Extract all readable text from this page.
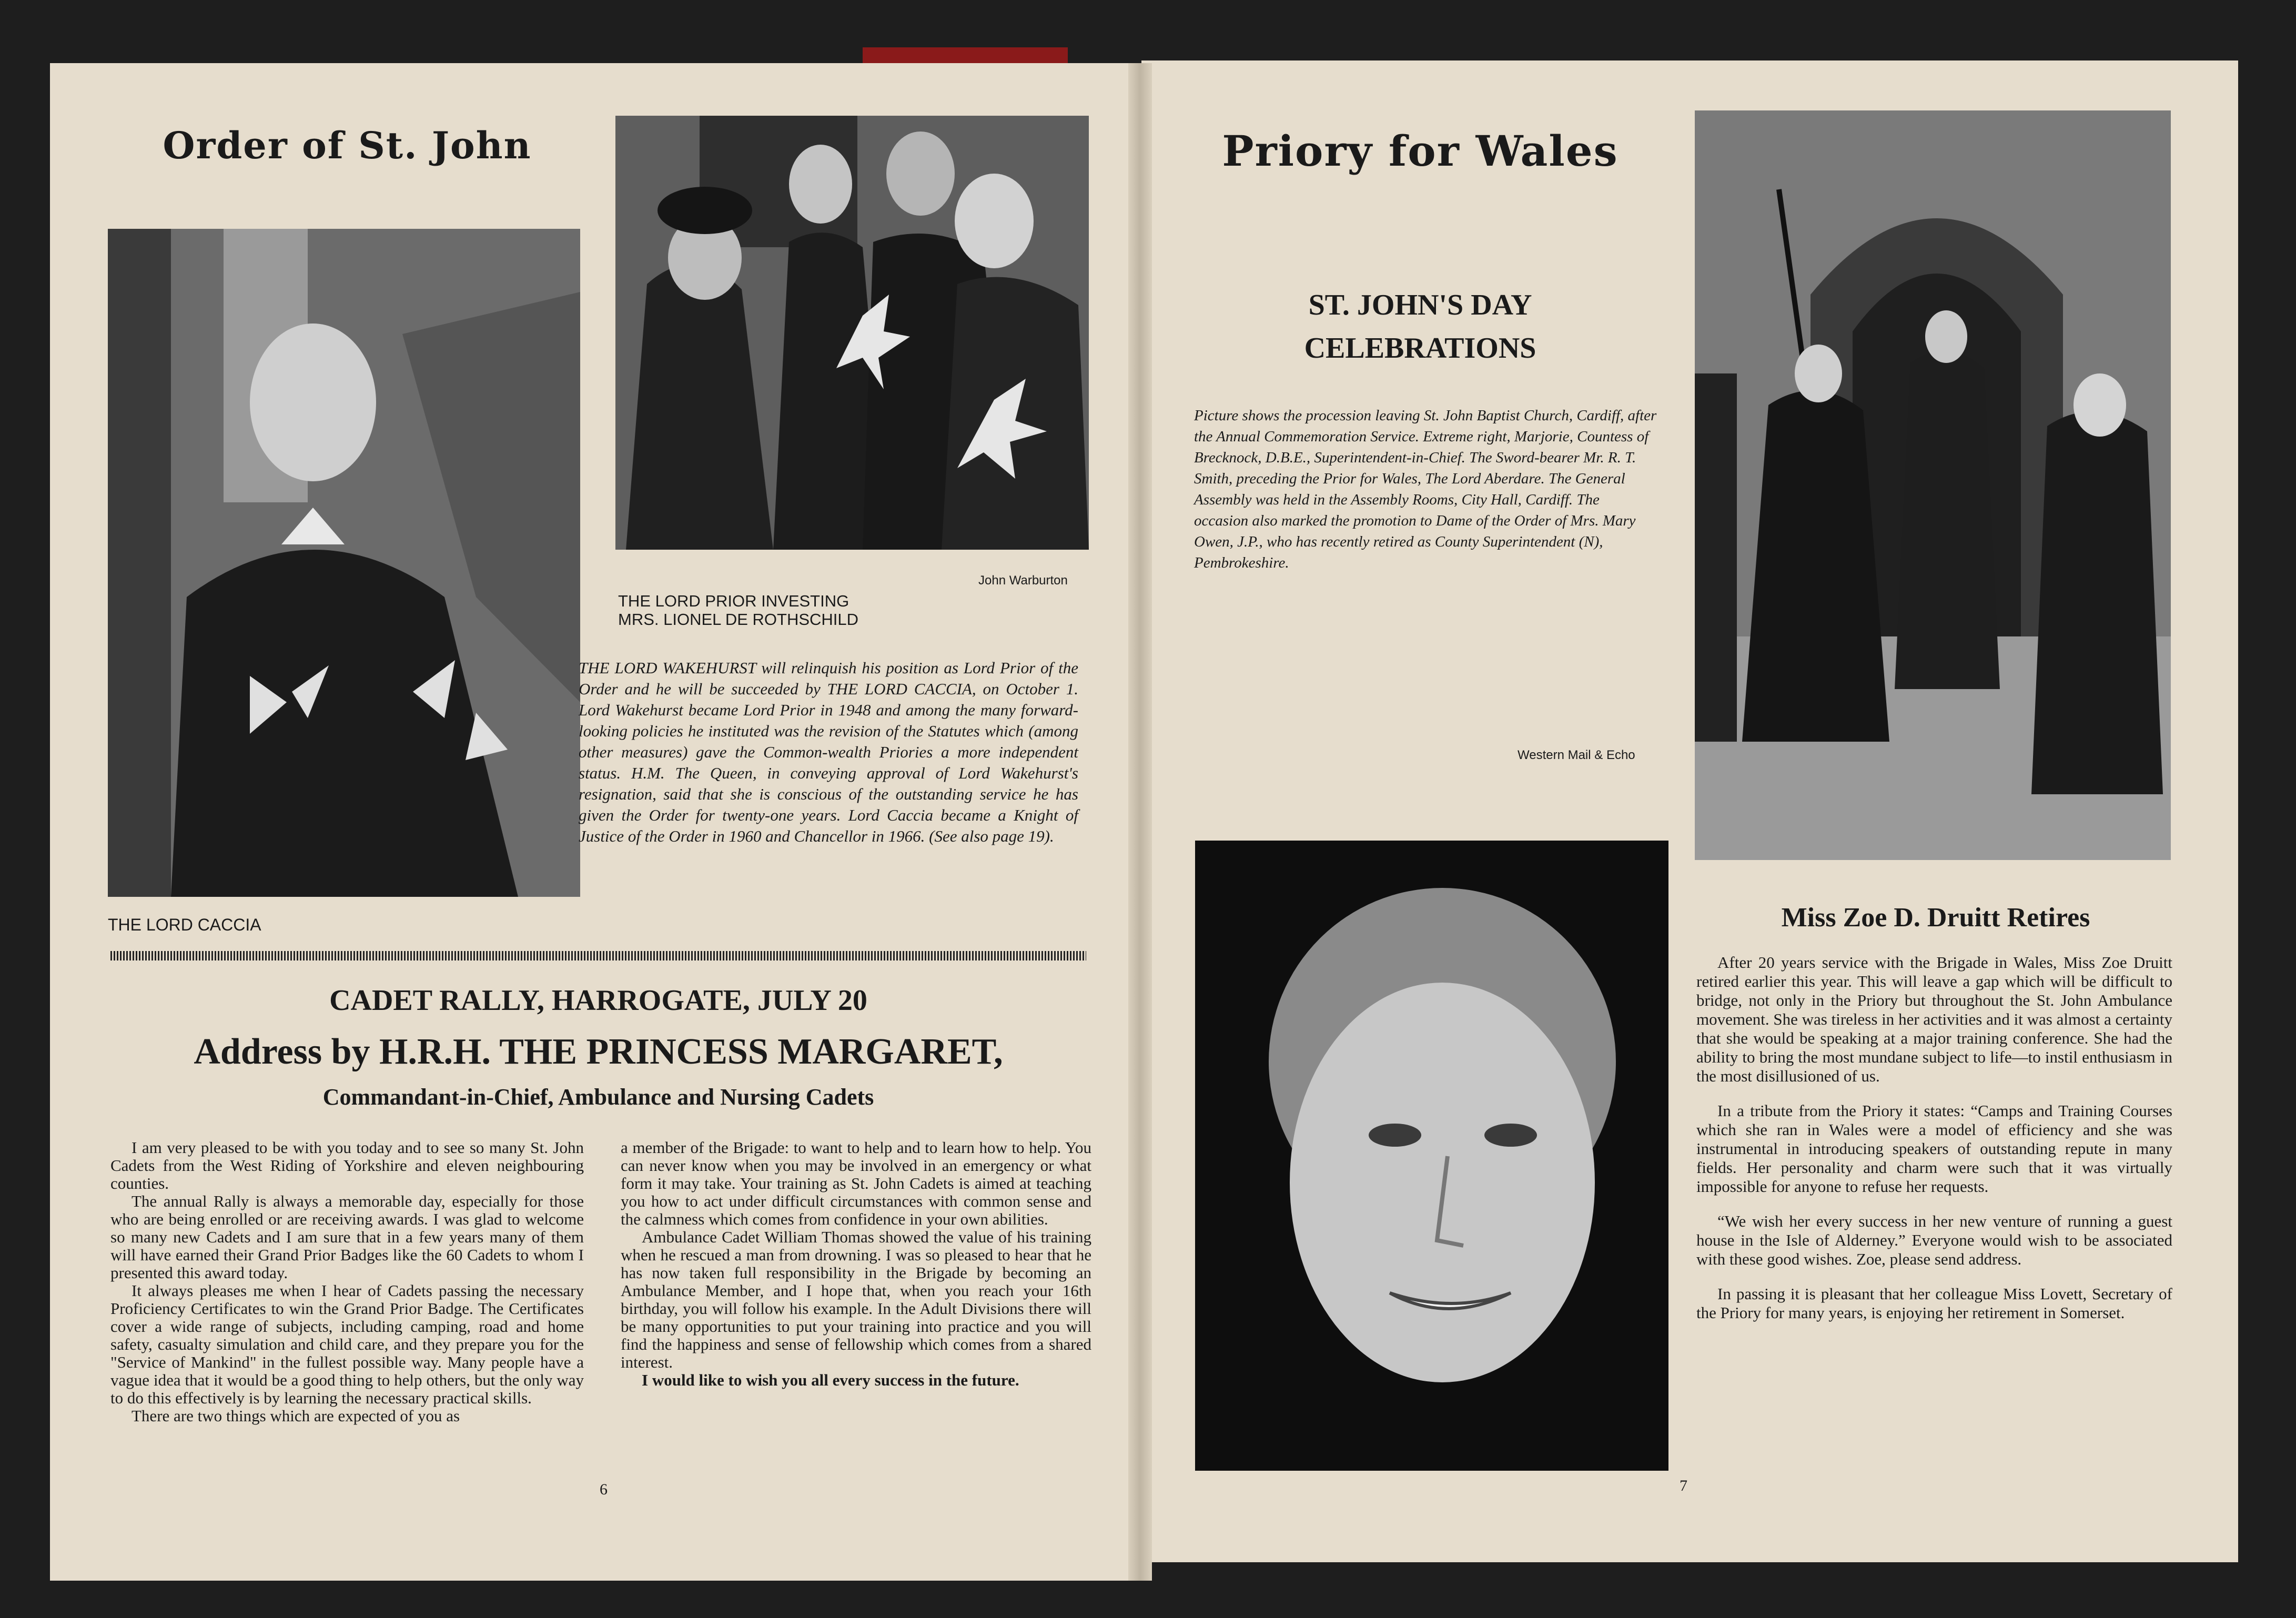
Order of St. John
THE LORD CACCIA
John Warburton
THE LORD PRIOR INVESTING
MRS. LIONEL DE ROTHSCHILD
THE LORD WAKEHURST will relinquish his position as Lord Prior of the Order and he will be succeeded by THE LORD CACCIA, on October 1. Lord Wakehurst became Lord Prior in 1948 and among the many forward-looking policies he instituted was the revision of the Statutes which (among other measures) gave the Common-wealth Priories a more independent status. H.M. The Queen, in conveying approval of Lord Wakehurst's resignation, said that she is conscious of the outstanding service he has given the Order for twenty-one years. Lord Caccia became a Knight of Justice of the Order in 1960 and Chancellor in 1966. (See also page 19).
CADET RALLY, HARROGATE, JULY 20
Address by H.R.H. THE PRINCESS MARGARET,
Commandant-in-Chief, Ambulance and Nursing Cadets

I am very pleased to be with you today and to see so many St. John Cadets from the West Riding of Yorkshire and eleven neighbouring counties.

The annual Rally is always a memorable day, especially for those who are being enrolled or are receiving awards. I was glad to welcome so many new Cadets and I am sure that in a few years many of them will have earned their Grand Prior Badges like the 60 Cadets to whom I presented this award today.

It always pleases me when I hear of Cadets passing the necessary Proficiency Certificates to win the Grand Prior Badge. The Certificates cover a wide range of subjects, including camping, road and home safety, casualty simulation and child care, and they prepare you for the "Service of Mankind" in the fullest possible way. Many people have a vague idea that it would be a good thing to help others, but the only way to do this effectively is by learning the necessary practical skills.

There are two things which are expected of you as

a member of the Brigade: to want to help and to learn how to help. You can never know when you may be involved in an emergency or what form it may take. Your training as St. John Cadets is aimed at teaching you how to act under difficult circumstances with common sense and the calmness which comes from confidence in your own abilities.

Ambulance Cadet William Thomas showed the value of his training when he rescued a man from drowning. I was so pleased to hear that he has now taken full responsibility in the Brigade by becoming an Ambulance Member, and I hope that, when you reach your 16th birthday, you will follow his example. In the Adult Divisions there will be many opportunities to put your training into practice and you will find the happiness and sense of fellowship which comes from a shared interest.

I would like to wish you all every success in the future.

6
Priory for Wales
ST. JOHN'S DAY
CELEBRATIONS
Picture shows the procession leaving St. John Baptist Church, Cardiff, after the Annual Commemoration Service. Extreme right, Marjorie, Countess of Brecknock, D.B.E., Superintendent-in-Chief. The Sword-bearer Mr. R. T. Smith, preceding the Prior for Wales, The Lord Aberdare. The General Assembly was held in the Assembly Rooms, City Hall, Cardiff. The occasion also marked the promotion to Dame of the Order of Mrs. Mary Owen, J.P., who has recently retired as County Superintendent (N), Pembrokeshire.
Western Mail & Echo
Miss Zoe D. Druitt Retires

After 20 years service with the Brigade in Wales, Miss Zoe Druitt retired earlier this year. This will leave a gap which will be difficult to bridge, not only in the Priory but throughout the St. John Ambulance movement. She was tireless in her activities and it was almost a certainty that she would be speaking at a major training conference. She had the ability to bring the most mundane subject to life—to instil enthusiasm in the most disillusioned of us.

In a tribute from the Priory it states: “Camps and Training Courses which she ran in Wales were a model of efficiency and she was instrumental in introducing speakers of outstanding repute in many fields. Her personality and charm were such that it was virtually impossible for anyone to refuse her requests.

“We wish her every success in her new venture of running a guest house in the Isle of Alderney.” Everyone would wish to be associated with these good wishes. Zoe, please send address.

In passing it is pleasant that her colleague Miss Lovett, Secretary of the Priory for many years, is enjoying her retirement in Somerset.

7
